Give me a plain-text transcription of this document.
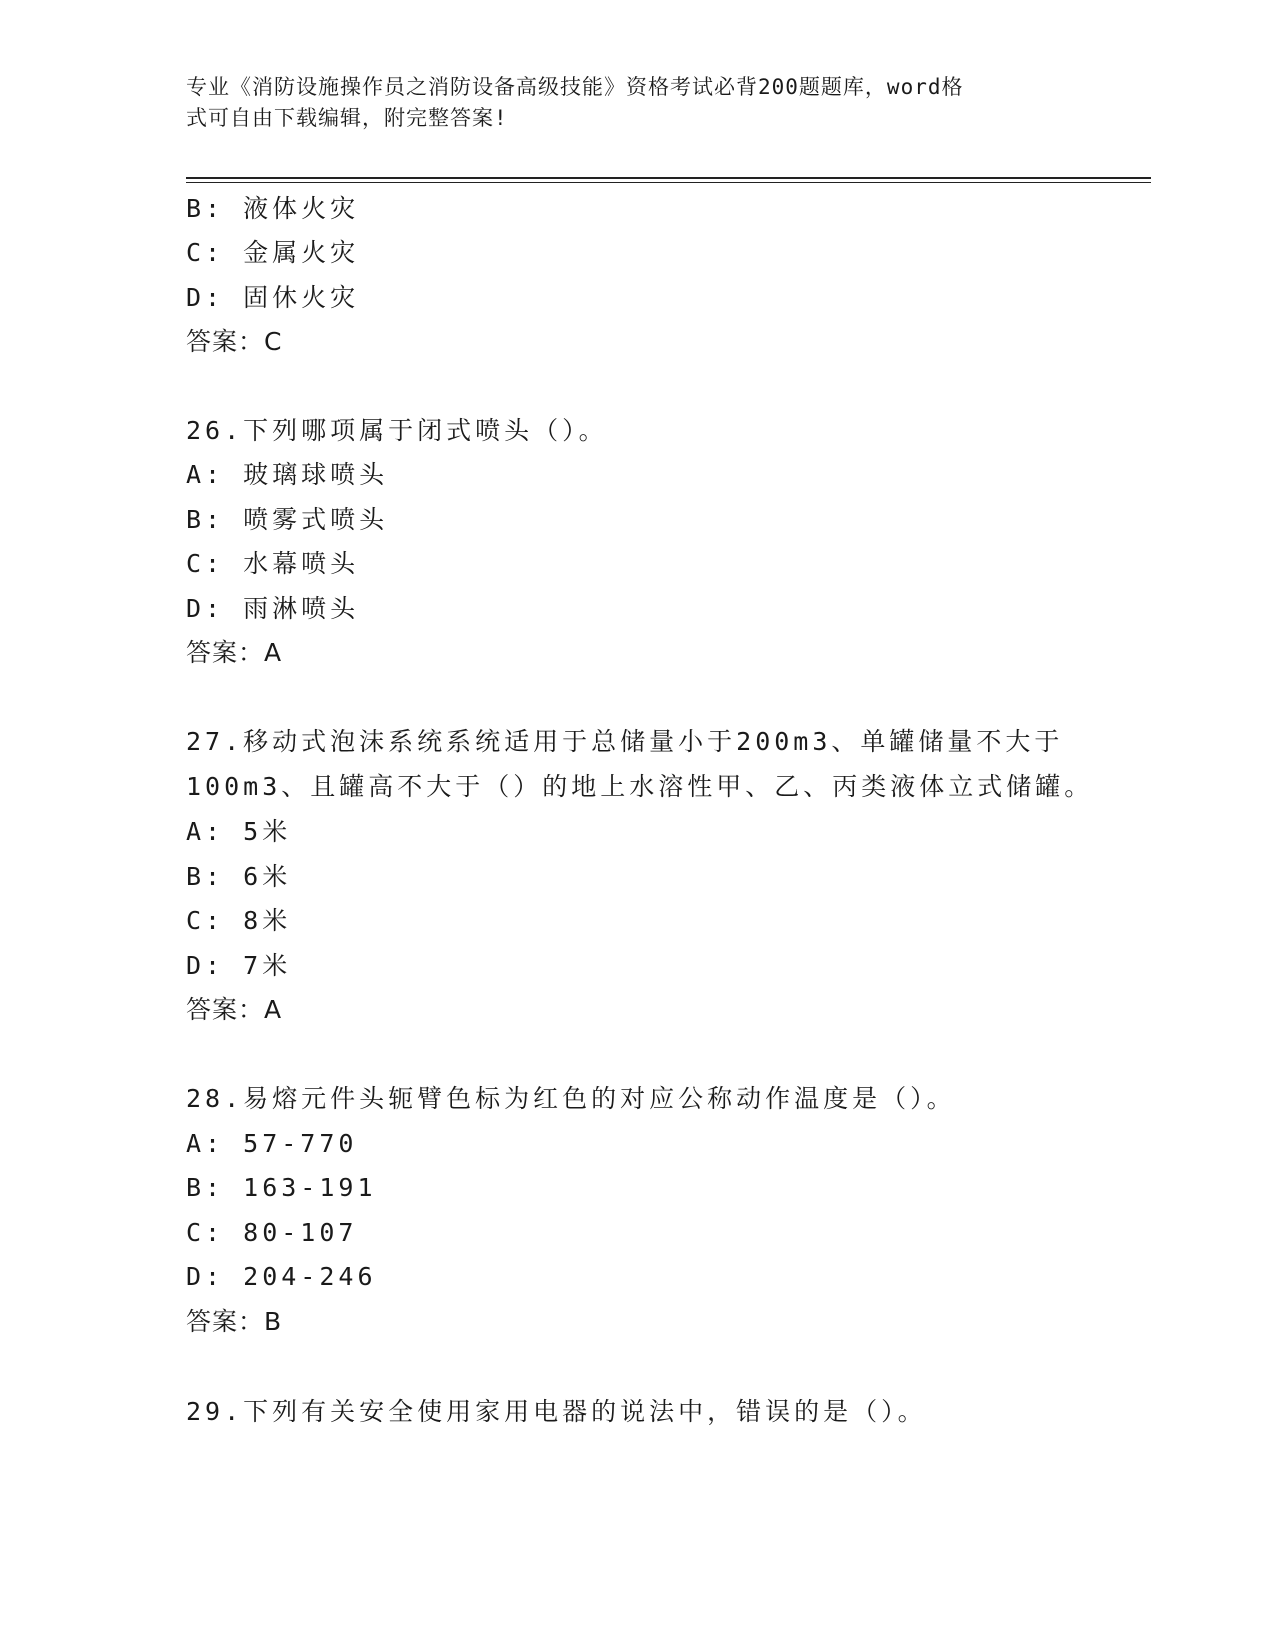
专业《消防设施操作员之消防设备高级技能》资格考试必背200题题库，word格
式可自由下载编辑，附完整答案!
B: 液体火灾
C: 金属火灾
D: 固休火灾
答案：C
26.下列哪项属于闭式喷头（）。
A: 玻璃球喷头
B: 喷雾式喷头
C: 水幕喷头
D: 雨淋喷头
答案：A
27.移动式泡沫系统系统适用于总储量小于200m3、单罐储量不大于
100m3、且罐高不大于（）的地上水溶性甲、乙、丙类液体立式储罐。
A: 5米
B: 6米
C: 8米
D: 7米
答案：A
28.易熔元件头轭臂色标为红色的对应公称动作温度是（）。
A: 57-770
B: 163-191
C: 80-107
D: 204-246
答案：B
29.下列有关安全使用家用电器的说法中，错误的是（）。
